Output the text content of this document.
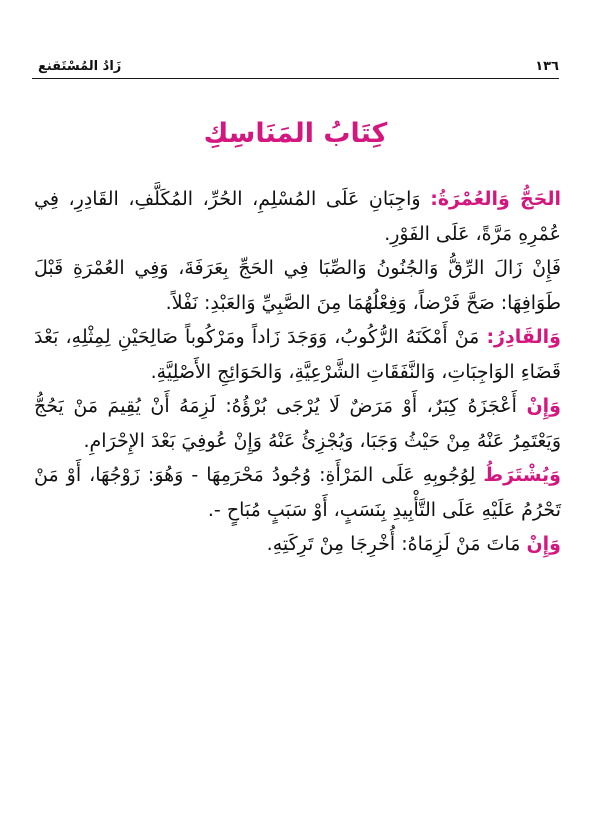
١٣٦
زَادُ المُسْتَقنع
كِتَابُ المَنَاسِكِ

الحَجُّ وَالعُمْرَةُ: وَاجِبَانِ عَلَى المُسْلِمِ، الحُرِّ، المُكَلَّفِ، القَادِرِ، فِي عُمْرِهِ مَرَّةً، عَلَى الفَوْرِ.

فَإِنْ زَالَ الرِّقُّ وَالجُنُونُ وَالصِّبَا فِي الحَجِّ بِعَرَفَةَ، وَفِي العُمْرَةِ قَبْلَ طَوَافِهَا: صَحَّ فَرْضاً، وَفِعْلُهُمَا مِنَ الصَّبِيِّ وَالعَبْدِ: نَفْلاً.

وَالقَادِرُ: مَنْ أَمْكَنَهُ الرُّكُوبُ، وَوَجَدَ زَاداً ومَرْكُوباً صَالِحَيْنِ لِمِثْلِهِ، بَعْدَ قَضَاءِ الوَاجِبَاتِ، وَالنَّفَقَاتِ الشَّرْعِيَّةِ، وَالحَوَائِجِ الأَصْلِيَّةِ.

وَإِنْ أَعْجَزَهُ كِبَرٌ، أَوْ مَرَضٌ لَا يُرْجَى بُرْؤُهُ: لَزِمَهُ أَنْ يُقِيمَ مَنْ يَحُجُّ وَيَعْتَمِرُ عَنْهُ مِنْ حَيْثُ وَجَبَا، وَيُجْزِئُ عَنْهُ وَإِنْ عُوفِيَ بَعْدَ الإِحْرَامِ.

وَيُشْتَرَطُ لِوُجُوبِهِ عَلَى المَرْأَةِ: وُجُودُ مَحْرَمِهَا - وَهُوَ: زَوْجُهَا، أَوْ مَنْ تَحْرُمُ عَلَيْهِ عَلَى التَّأْبِيدِ بِنَسَبٍ، أَوْ سَبَبٍ مُبَاحٍ -.

وَإِنْ مَاتَ مَنْ لَزِمَاهُ: أُخْرِجَا مِنْ تَرِكَتِهِ.
